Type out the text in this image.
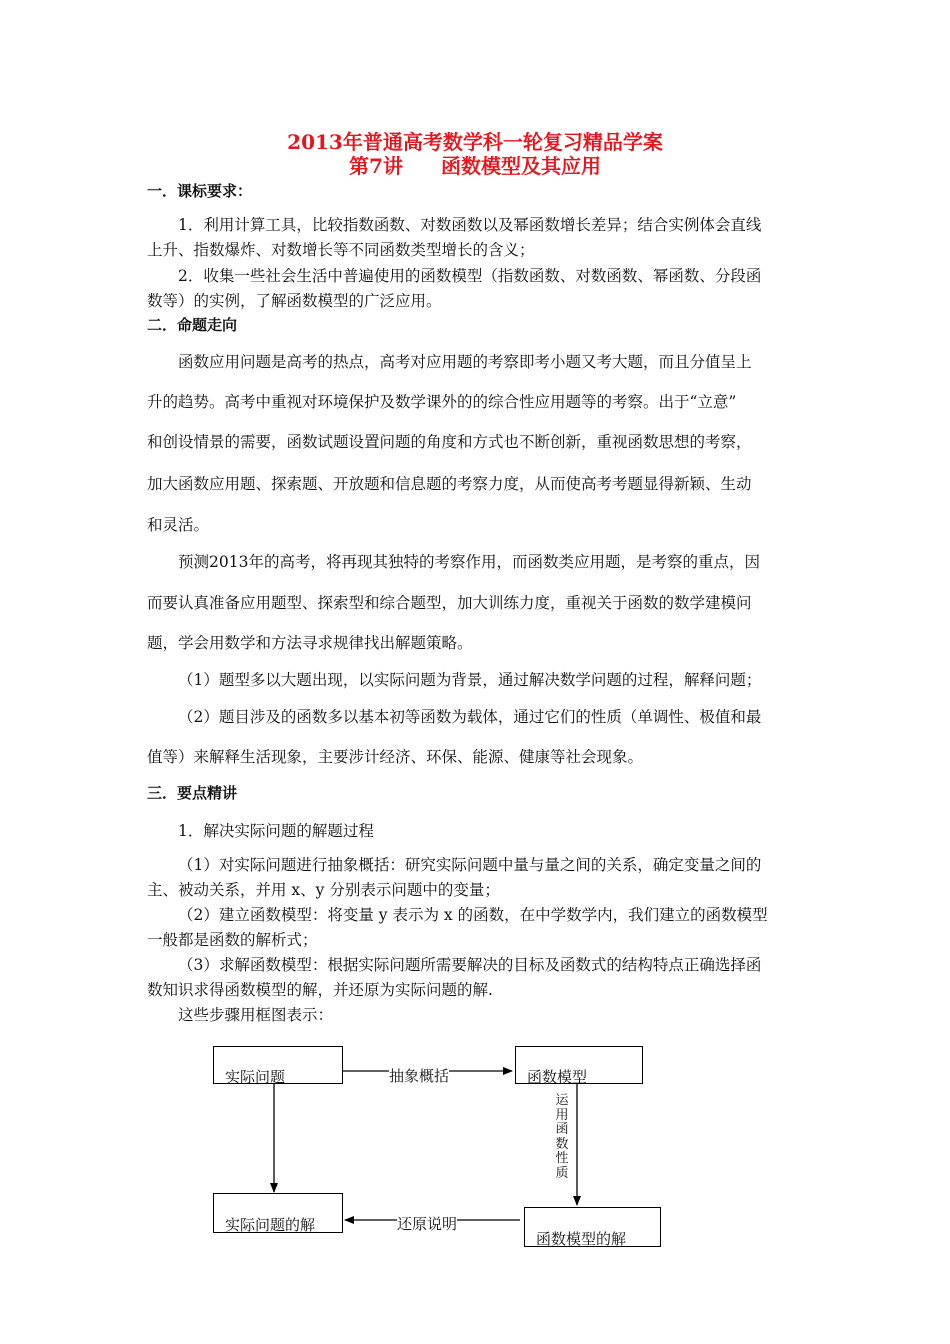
2013年普通高考数学科一轮复习精品学案
第7讲 函数模型及其应用
一．课标要求：
1．利用计算工具，比较指数函数、对数函数以及幂函数增长差异；结合实例体会直线
上升、指数爆炸、对数增长等不同函数类型增长的含义；
2．收集一些社会生活中普遍使用的函数模型（指数函数、对数函数、幂函数、分段函
数等）的实例，了解函数模型的广泛应用。
二．命题走向
函数应用问题是高考的热点，高考对应用题的考察即考小题又考大题，而且分值呈上
升的趋势。高考中重视对环境保护及数学课外的的综合性应用题等的考察。出于“立意”
和创设情景的需要，函数试题设置问题的角度和方式也不断创新，重视函数思想的考察，
加大函数应用题、探索题、开放题和信息题的考察力度，从而使高考考题显得新颖、生动
和灵活。
预测2013年的高考，将再现其独特的考察作用，而函数类应用题，是考察的重点，因
而要认真准备应用题型、探索型和综合题型，加大训练力度，重视关于函数的数学建模问
题，学会用数学和方法寻求规律找出解题策略。
（1）题型多以大题出现，以实际问题为背景，通过解决数学问题的过程，解释问题；
（2）题目涉及的函数多以基本初等函数为载体，通过它们的性质（单调性、极值和最
值等）来解释生活现象，主要涉计经济、环保、能源、健康等社会现象。
三．要点精讲
1．解决实际问题的解题过程
（1）对实际问题进行抽象概括：研究实际问题中量与量之间的关系，确定变量之间的
主、被动关系，并用 x、y 分别表示问题中的变量；
（2）建立函数模型：将变量 y 表示为 x 的函数，在中学数学内，我们建立的函数模型
一般都是函数的解析式；
（3）求解函数模型：根据实际问题所需要解决的目标及函数式的结构特点正确选择函
数知识求得函数模型的解，并还原为实际问题的解.
这些步骤用框图表示：
实际问题	函数模型
实际问题的解
函数模型的解
抽象概括
还原说明
运用函数性质
